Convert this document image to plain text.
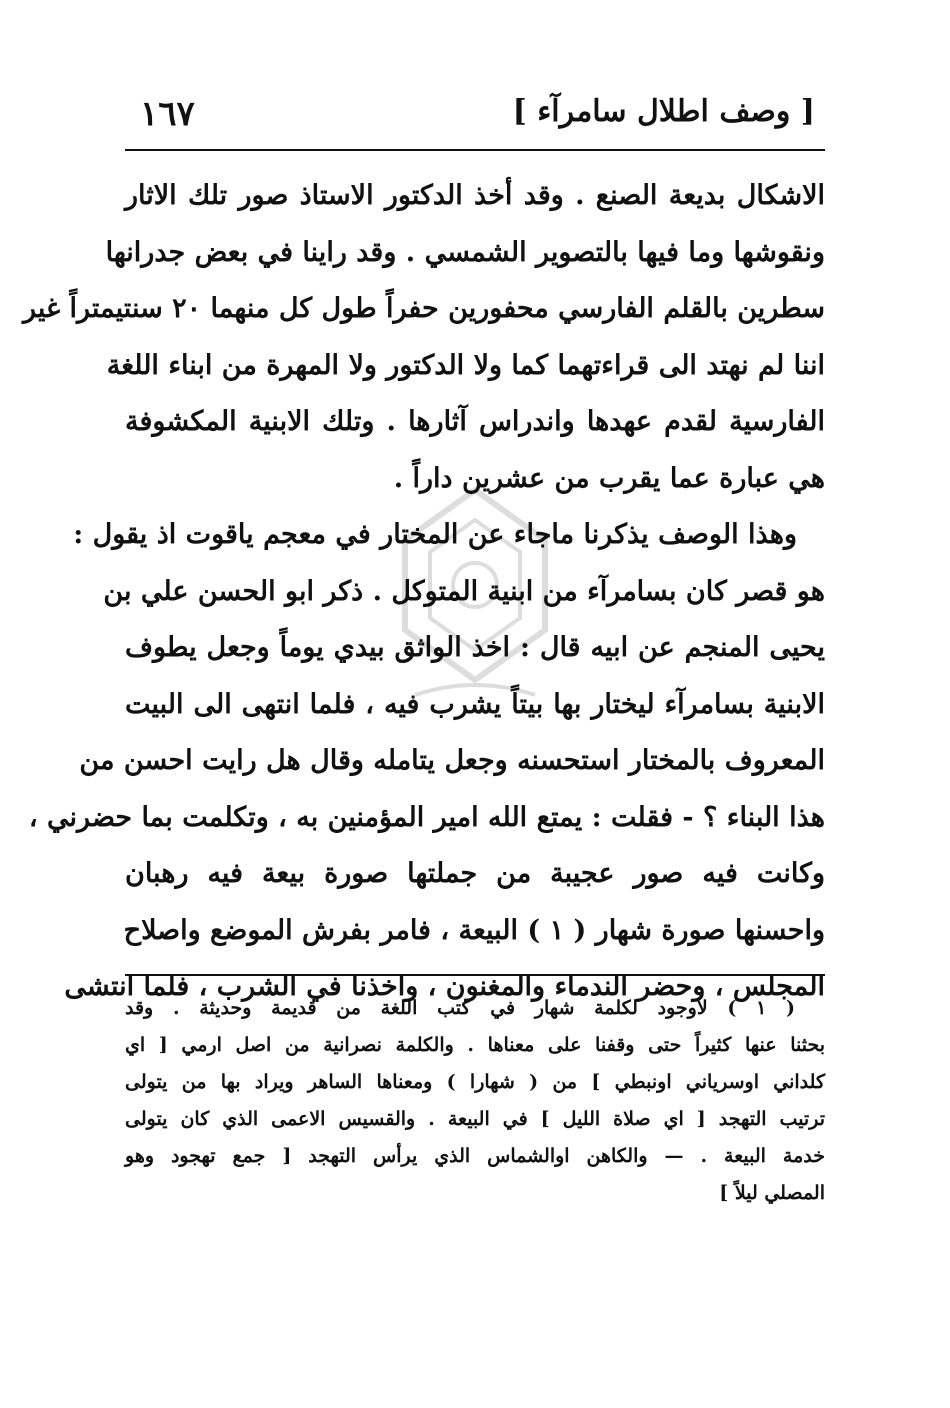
[ وصف اطلال سامرآء ]
١٦٧
الاشكال بديعة الصنع . وقد أخذ الدكتور الاستاذ صور تلك الاثار
ونقوشها وما فيها بالتصوير الشمسي . وقد راينا في بعض جدرانها
سطرين بالقلم الفارسي محفورين حفراً طول كل منهما ٢٠ سنتيمتراً غير
اننا لم نهتد الى قراءتهما كما ولا الدكتور ولا المهرة من ابناء اللغة
الفارسية لقدم عهدها واندراس آثارها . وتلك الابنية المكشوفة
هي عبارة عما يقرب من عشرين داراً .
وهذا الوصف يذكرنا ماجاء عن المختار في معجم ياقوت اذ يقول :
هو قصر كان بسامرآء من ابنية المتوكل . ذكر ابو الحسن علي بن
يحيى المنجم عن ابيه قال : اخذ الواثق بيدي يوماً وجعل يطوف
الابنية بسامرآء ليختار بها بيتاً يشرب فيه ، فلما انتهى الى البيت
المعروف بالمختار استحسنه وجعل يتامله وقال هل رايت احسن من
هذا البناء ؟ - فقلت : يمتع الله امير المؤمنين به ، وتكلمت بما حضرني ،
وكانت فيه صور عجيبة من جملتها صورة بيعة فيه رهبان
واحسنها صورة شهار ( ١ ) البيعة ، فامر بفرش الموضع واصلاح
المجلس ، وحضر الندماء والمغنون ، واخذنا في الشرب ، فلما انتشى
( ١ ) لاوجود لكلمة شهار في كتب اللغة من قديمة وحديثة . وقد
بحثنا عنها كثيراً حتى وقفنا على معناها . والكلمة نصرانية من اصل ارمي [ اي
كلداني اوسرياني اونبطي ] من ( شهارا ) ومعناها الساهر ويراد بها من يتولى
ترتيب التهجد [ اي صلاة الليل ] في البيعة . والقسيس الاعمى الذي كان يتولى
خدمة البيعة . — والكاهن اوالشماس الذي يرأس التهجد [ جمع تهجود وهو
المصلي ليلاً ]
